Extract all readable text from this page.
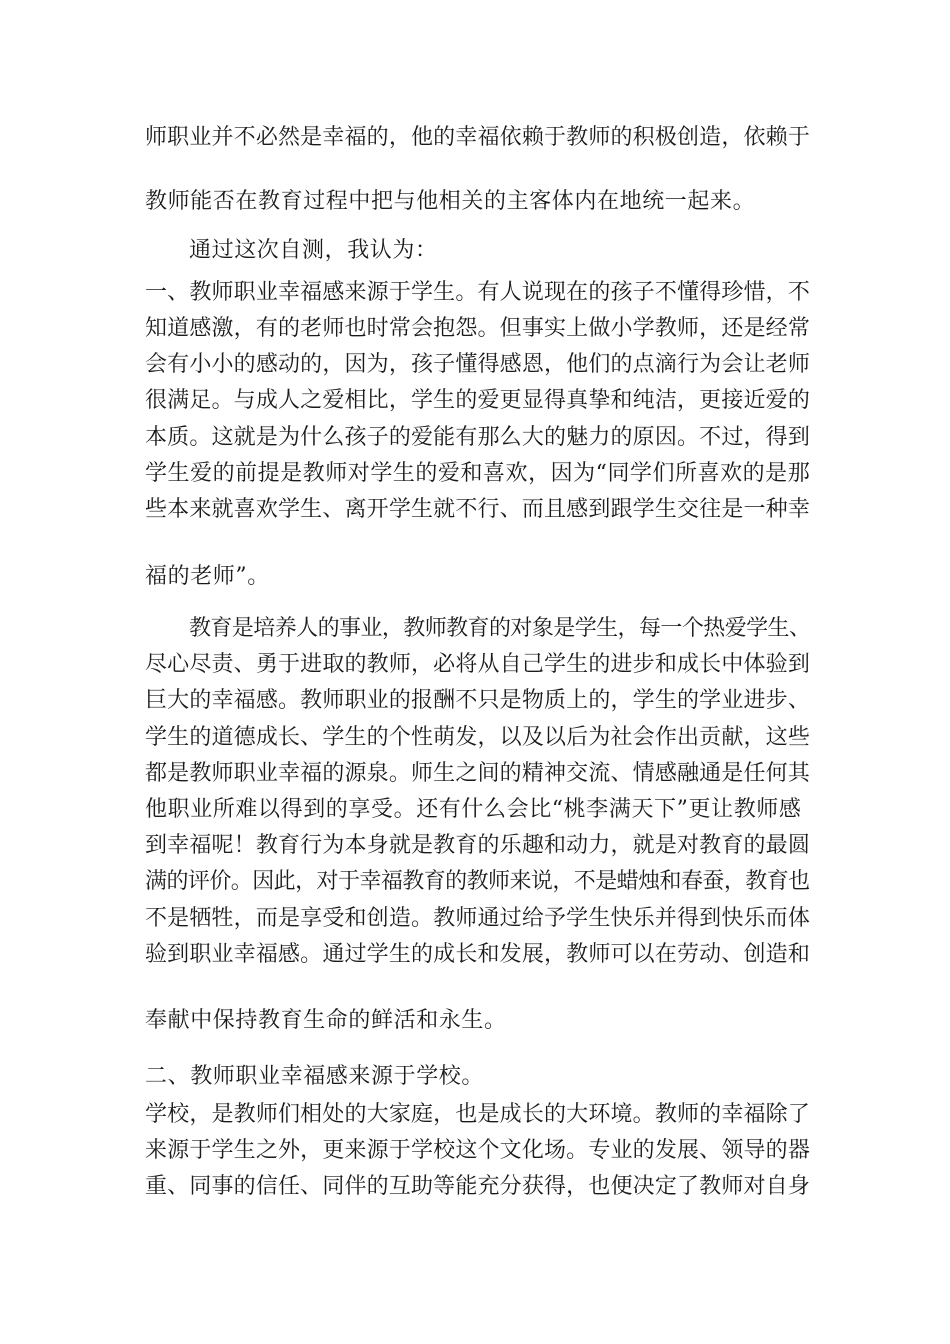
师职业并不必然是幸福的，他的幸福依赖于教师的积极创造，依赖于
教师能否在教育过程中把与他相关的主客体内在地统一起来。
通过这次自测，我认为：
一、教师职业幸福感来源于学生。有人说现在的孩子不懂得珍惜，不
知道感激，有的老师也时常会抱怨。但事实上做小学教师，还是经常
会有小小的感动的，因为，孩子懂得感恩，他们的点滴行为会让老师
很满足。与成人之爱相比，学生的爱更显得真挚和纯洁，更接近爱的
本质。这就是为什么孩子的爱能有那么大的魅力的原因。不过，得到
学生爱的前提是教师对学生的爱和喜欢，因为“同学们所喜欢的是那
些本来就喜欢学生、离开学生就不行、而且感到跟学生交往是一种幸
福的老师”。
教育是培养人的事业，教师教育的对象是学生，每一个热爱学生、
尽心尽责、勇于进取的教师，必将从自己学生的进步和成长中体验到
巨大的幸福感。教师职业的报酬不只是物质上的，学生的学业进步、
学生的道德成长、学生的个性萌发，以及以后为社会作出贡献，这些
都是教师职业幸福的源泉。师生之间的精神交流、情感融通是任何其
他职业所难以得到的享受。还有什么会比“桃李满天下”更让教师感
到幸福呢！教育行为本身就是教育的乐趣和动力，就是对教育的最圆
满的评价。因此，对于幸福教育的教师来说，不是蜡烛和春蚕，教育也
不是牺牲，而是享受和创造。教师通过给予学生快乐并得到快乐而体
验到职业幸福感。通过学生的成长和发展，教师可以在劳动、创造和
奉献中保持教育生命的鲜活和永生。
二、教师职业幸福感来源于学校。
学校，是教师们相处的大家庭，也是成长的大环境。教师的幸福除了
来源于学生之外，更来源于学校这个文化场。专业的发展、领导的器
重、同事的信任、同伴的互助等能充分获得，也便决定了教师对自身
